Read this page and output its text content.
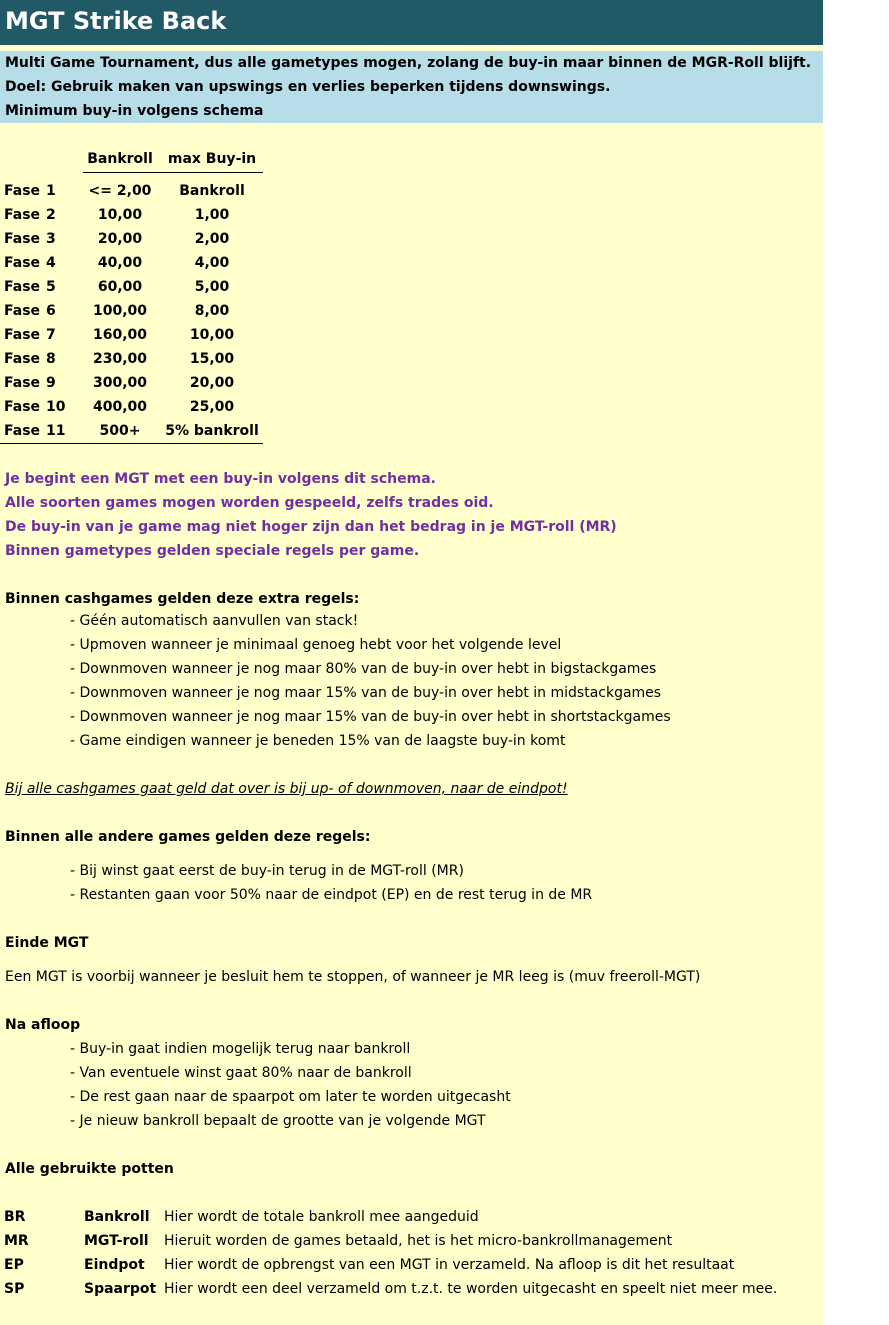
MGT Strike Back
Multi Game Tournament, dus alle gametypes mogen, zolang de buy-in maar binnen de MGR-Roll blijft.
Doel: Gebruik maken van upswings en verlies beperken tijdens downswings.
Minimum buy-in volgens schema
Bankroll	max Buy-in
Fase 1	<= 2,00	Bankroll
Fase 2	10,00	1,00
Fase 3	20,00	2,00
Fase 4	40,00	4,00
Fase 5	60,00	5,00
Fase 6	100,00	8,00
Fase 7	160,00	10,00
Fase 8	230,00	15,00
Fase 9	300,00	20,00
Fase 10	400,00	25,00
Fase 11	500+	5% bankroll
Je begint een MGT met een buy-in volgens dit schema.
Alle soorten games mogen worden gespeeld, zelfs trades oid.
De buy-in van je game mag niet hoger zijn dan het bedrag in je MGT-roll (MR)
Binnen gametypes gelden speciale regels per game.
Binnen cashgames gelden deze extra regels:
- Géén automatisch aanvullen van stack!
- Upmoven wanneer je minimaal genoeg hebt voor het volgende level
- Downmoven wanneer je nog maar 80% van de buy-in over hebt in bigstackgames
- Downmoven wanneer je nog maar 15% van de buy-in over hebt in midstackgames
- Downmoven wanneer je nog maar 15% van de buy-in over hebt in shortstackgames
- Game eindigen wanneer je beneden 15% van de laagste buy-in komt
Bij alle cashgames gaat geld dat over is bij up- of downmoven, naar de eindpot!
Binnen alle andere games gelden deze regels:
- Bij winst gaat eerst de buy-in terug in de MGT-roll (MR)
- Restanten gaan voor 50% naar de eindpot (EP) en de rest terug in de MR
Einde MGT
Een MGT is voorbij wanneer je besluit hem te stoppen, of wanneer je MR leeg is (muv freeroll-MGT)
Na afloop
- Buy-in gaat indien mogelijk terug naar bankroll
- Van eventuele winst gaat 80% naar de bankroll
- De rest gaan naar de spaarpot om later te worden uitgecasht
- Je nieuw bankroll bepaalt de grootte van je volgende MGT
Alle gebruikte potten
BR	Bankroll Hier wordt de totale bankroll mee aangeduid
MR	MGT-roll Hieruit worden de games betaald, het is het micro-bankrollmanagement
EP	Eindpot Hier wordt de opbrengst van een MGT in verzameld. Na afloop is dit het resultaat
SP	Spaarpot Hier wordt een deel verzameld om t.z.t. te worden uitgecasht en speelt niet meer mee.
